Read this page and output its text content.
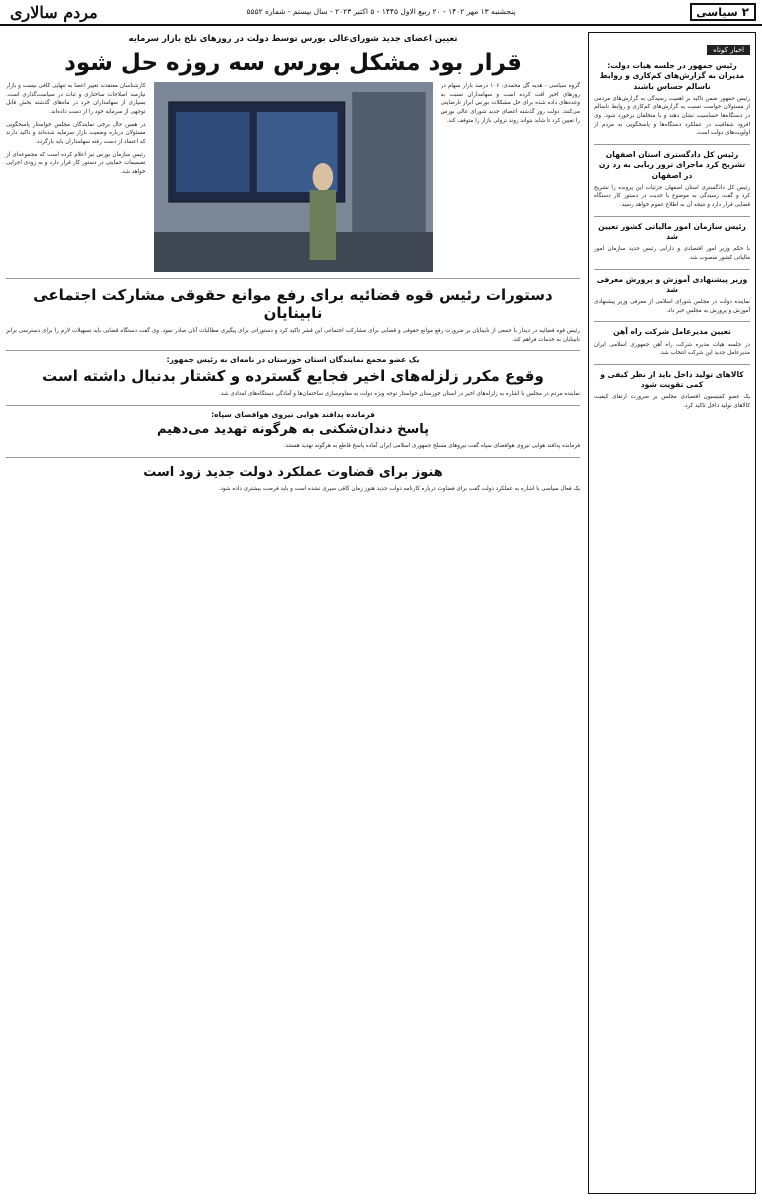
۲
سیاسی
پنجشنبه ۱۳ مهر ۱۴۰۲ - ۲۰ ربیع الاول ۱۴۴۵ - ۵ اکتبر ۲۰۲۳ - سال بیستم - شماره ۵۵۵۲
مردم سالاری
اخبار کوتاه
رئیس جمهور در جلسه هیات دولت: مدیران به گزارش‌های کم‌کاری و روابط ناسالم حساس باشند
رئیس جمهور ضمن تاکید بر اهمیت رسیدگی به گزارش‌های مردمی از مسئولان خواست نسبت به گزارش‌های کم‌کاری و روابط ناسالم در دستگاه‌ها حساسیت نشان دهند و با متخلفان برخورد شود. وی افزود شفافیت در عملکرد دستگاه‌ها و پاسخگویی به مردم از اولویت‌های دولت است.
رئیس کل دادگستری استان اصفهان تشریح کرد ماجرای ترور ربایی به رد زن در اصفهان
رئیس کل دادگستری استان اصفهان جزئیات این پرونده را تشریح کرد و گفت رسیدگی به موضوع با جدیت در دستور کار دستگاه قضایی قرار دارد و نتیجه آن به اطلاع عموم خواهد رسید.
رئیس سازمان امور مالیاتی کشور تعیین شد
با حکم وزیر امور اقتصادی و دارایی رئیس جدید سازمان امور مالیاتی کشور منصوب شد.
وزیر پیشنهادی آموزش و پرورش معرفی شد
نماینده دولت در مجلس شورای اسلامی از معرفی وزیر پیشنهادی آموزش و پرورش به مجلس خبر داد.
تعیین مدیرعامل شرکت راه آهن
در جلسه هیات مدیره شرکت راه آهن جمهوری اسلامی ایران مدیرعامل جدید این شرکت انتخاب شد.
کالاهای تولید داخل باید از نظر کیفی و کمی تقویت شود
یک عضو کمیسیون اقتصادی مجلس بر ضرورت ارتقای کیفیت کالاهای تولید داخل تاکید کرد.
تعیین اعضای جدید شورای‌عالی بورس توسط دولت در روزهای تلخ بازار سرمایه
قرار بود مشکل بورس سه روزه حل شود
گروه سیاسی - هدیه گل محمدی: ۱۰۶ درصد بازار سهام در روزهای اخیر افت کرده است و سهامداران نسبت به وعده‌های داده شده برای حل مشکلات بورس ابراز نارضایتی می‌کنند. دولت روز گذشته اعضای جدید شورای عالی بورس را تعیین کرد تا شاید بتواند روند نزولی بازار را متوقف کند.
کارشناسان معتقدند تغییر اعضا به تنهایی کافی نیست و بازار نیازمند اصلاحات ساختاری و ثبات در سیاست‌گذاری است. بسیاری از سهامداران خرد در ماه‌های گذشته بخش قابل توجهی از سرمایه خود را از دست داده‌اند.
در همین حال برخی نمایندگان مجلس خواستار پاسخگویی مسئولان درباره وضعیت بازار سرمایه شده‌اند و تاکید دارند که اعتماد از دست رفته سهامداران باید بازگردد.
رئیس سازمان بورس نیز اعلام کرده است که مجموعه‌ای از تصمیمات حمایتی در دستور کار قرار دارد و به زودی اجرایی خواهد شد.
دستورات رئیس قوه قضائیه برای رفع موانع حقوقی مشارکت اجتماعی نابینایان
رئیس قوه قضائیه در دیدار با جمعی از نابینایان بر ضرورت رفع موانع حقوقی و قضایی برای مشارکت اجتماعی این قشر تاکید کرد و دستوراتی برای پیگیری مطالبات آنان صادر نمود. وی گفت دستگاه قضایی باید تسهیلات لازم را برای دسترسی برابر نابینایان به خدمات فراهم کند.
یک عضو مجمع نمایندگان استان خوزستان در نامه‌ای به رئیس جمهور:
وقوع مکرر زلزله‌های اخیر فجایع گسترده و کشتار بدنبال داشته است
نماینده مردم در مجلس با اشاره به زلزله‌های اخیر در استان خوزستان خواستار توجه ویژه دولت به مقاوم‌سازی ساختمان‌ها و آمادگی دستگاه‌های امدادی شد.
فرمانده پدافند هوایی نیروی هوافضای سپاه:
پاسخ دندان‌شکنی به هرگونه تهدید می‌دهیم
فرمانده پدافند هوایی نیروی هوافضای سپاه گفت نیروهای مسلح جمهوری اسلامی ایران آماده پاسخ قاطع به هرگونه تهدید هستند.
هنوز برای قضاوت عملکرد دولت جدید زود است
یک فعال سیاسی با اشاره به عملکرد دولت گفت برای قضاوت درباره کارنامه دولت جدید هنوز زمان کافی سپری نشده است و باید فرصت بیشتری داده شود.
